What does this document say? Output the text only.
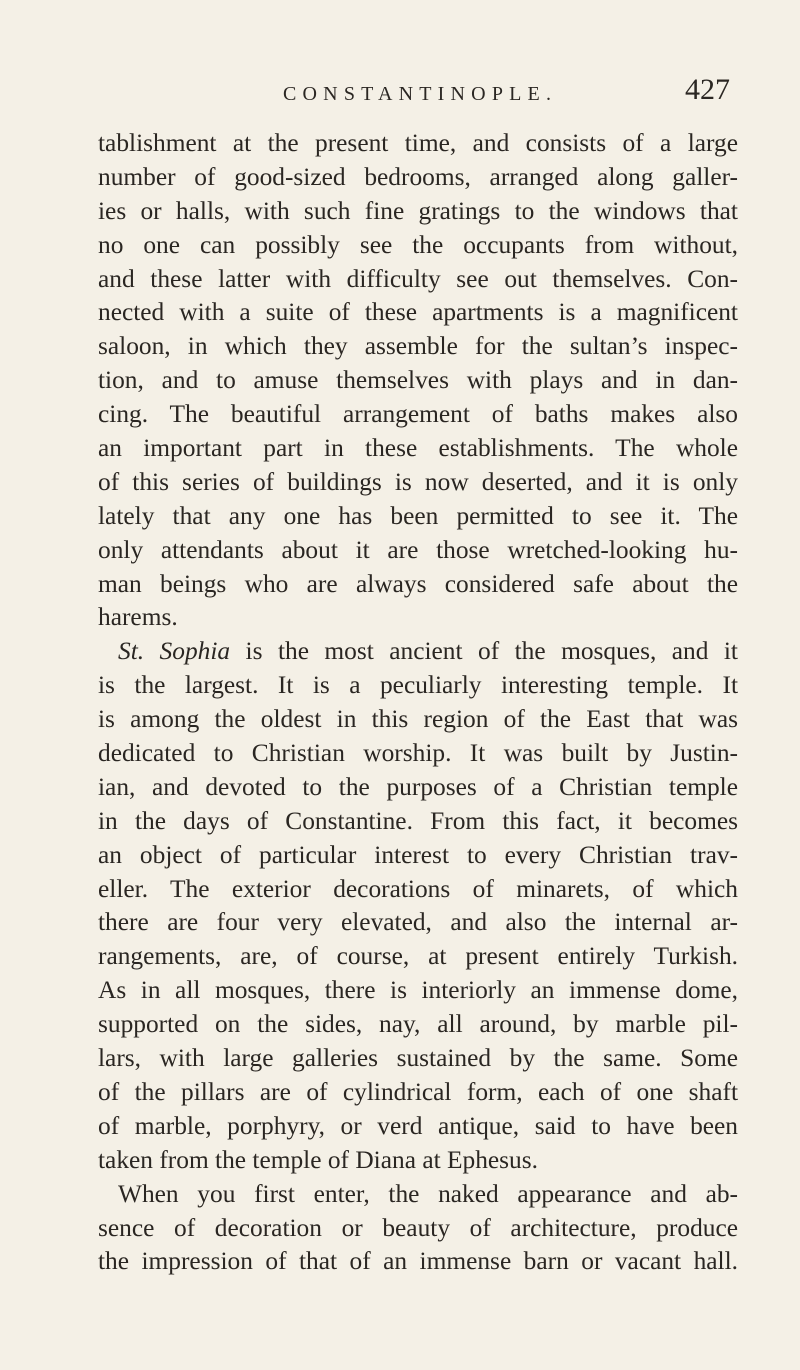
CONSTANTINOPLE.	427
tablishment at the present time, and consists of a large
number of good-sized bedrooms, arranged along galler-
ies or halls, with such fine gratings to the windows that
no one can possibly see the occupants from without,
and these latter with difficulty see out themselves. Con-
nected with a suite of these apartments is a magnificent
saloon, in which they assemble for the sultan’s inspec-
tion, and to amuse themselves with plays and in dan-
cing. The beautiful arrangement of baths makes also
an important part in these establishments. The whole
of this series of buildings is now deserted, and it is only
lately that any one has been permitted to see it. The
only attendants about it are those wretched-looking hu-
man beings who are always considered safe about the
harems.
St. Sophia is the most ancient of the mosques, and it
is the largest. It is a peculiarly interesting temple. It
is among the oldest in this region of the East that was
dedicated to Christian worship. It was built by Justin-
ian, and devoted to the purposes of a Christian temple
in the days of Constantine. From this fact, it becomes
an object of particular interest to every Christian trav-
eller. The exterior decorations of minarets, of which
there are four very elevated, and also the internal ar-
rangements, are, of course, at present entirely Turkish.
As in all mosques, there is interiorly an immense dome,
supported on the sides, nay, all around, by marble pil-
lars, with large galleries sustained by the same. Some
of the pillars are of cylindrical form, each of one shaft
of marble, porphyry, or verd antique, said to have been
taken from the temple of Diana at Ephesus.
When you first enter, the naked appearance and ab-
sence of decoration or beauty of architecture, produce
the impression of that of an immense barn or vacant hall.
